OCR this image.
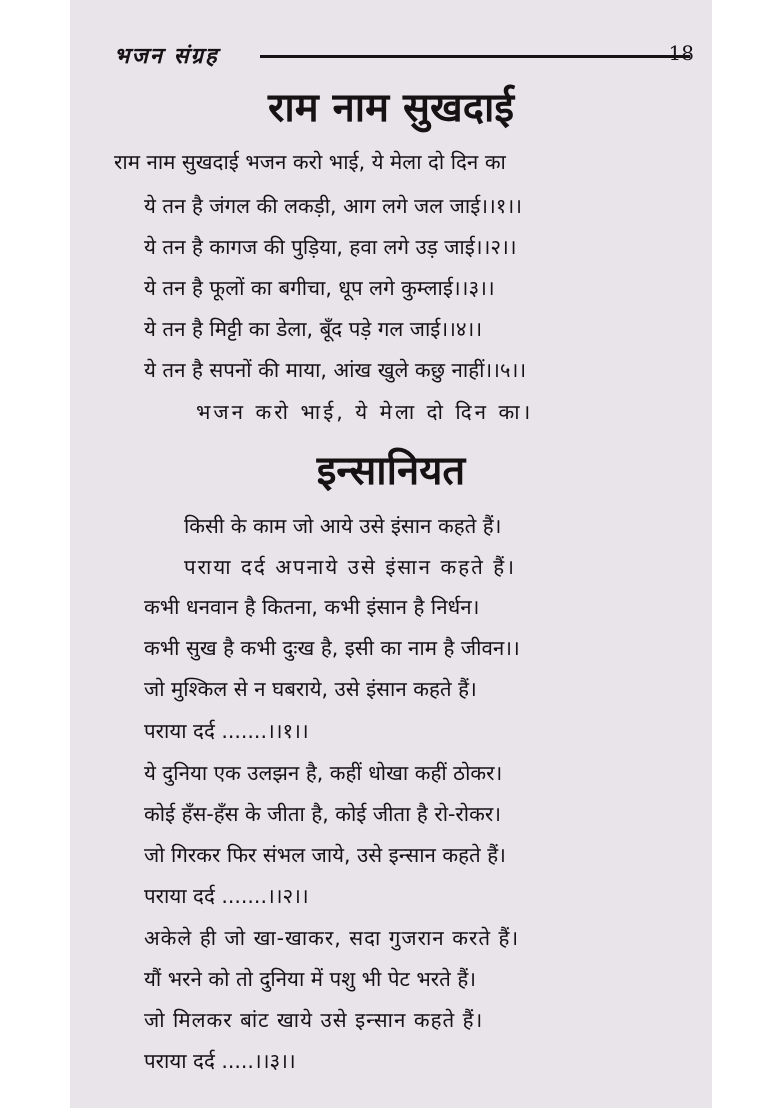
भजन संग्रह	18
राम नाम सुखदाई

राम नाम सुखदाई भजन करो भाई, ये मेला दो दिन का

ये तन है जंगल की लकड़ी, आग लगे जल जाई।।१।।

ये तन है कागज की पुड़िया, हवा लगे उड़ जाई।।२।।

ये तन है फूलों का बगीचा, धूप लगे कुम्लाई।।३।।

ये तन है मिट्टी का डेला, बूँद पड़े गल जाई।।४।।

ये तन है सपनों की माया, आंख खुले कछु नाहीं।।५।।

भजन करो भाई, ये मेला दो दिन का।

इन्सानियत

किसी के काम जो आये उसे इंसान कहते हैं।

पराया दर्द अपनाये उसे इंसान कहते हैं।

कभी धनवान है कितना, कभी इंसान है निर्धन।

कभी सुख है कभी दुःख है, इसी का नाम है जीवन।।

जो मुश्किल से न घबराये, उसे इंसान कहते हैं।

पराया दर्द .......।।१।।

ये दुनिया एक उलझन है, कहीं धोखा कहीं ठोकर।

कोई हँस-हँस के जीता है, कोई जीता है रो-रोकर।

जो गिरकर फिर संभल जाये, उसे इन्सान कहते हैं।

पराया दर्द .......।।२।।

अकेले ही जो खा-खाकर, सदा गुजरान करते हैं।

यौं भरने को तो दुनिया में पशु भी पेट भरते हैं।

जो मिलकर बांट खाये उसे इन्सान कहते हैं।

पराया दर्द .....।।३।।
